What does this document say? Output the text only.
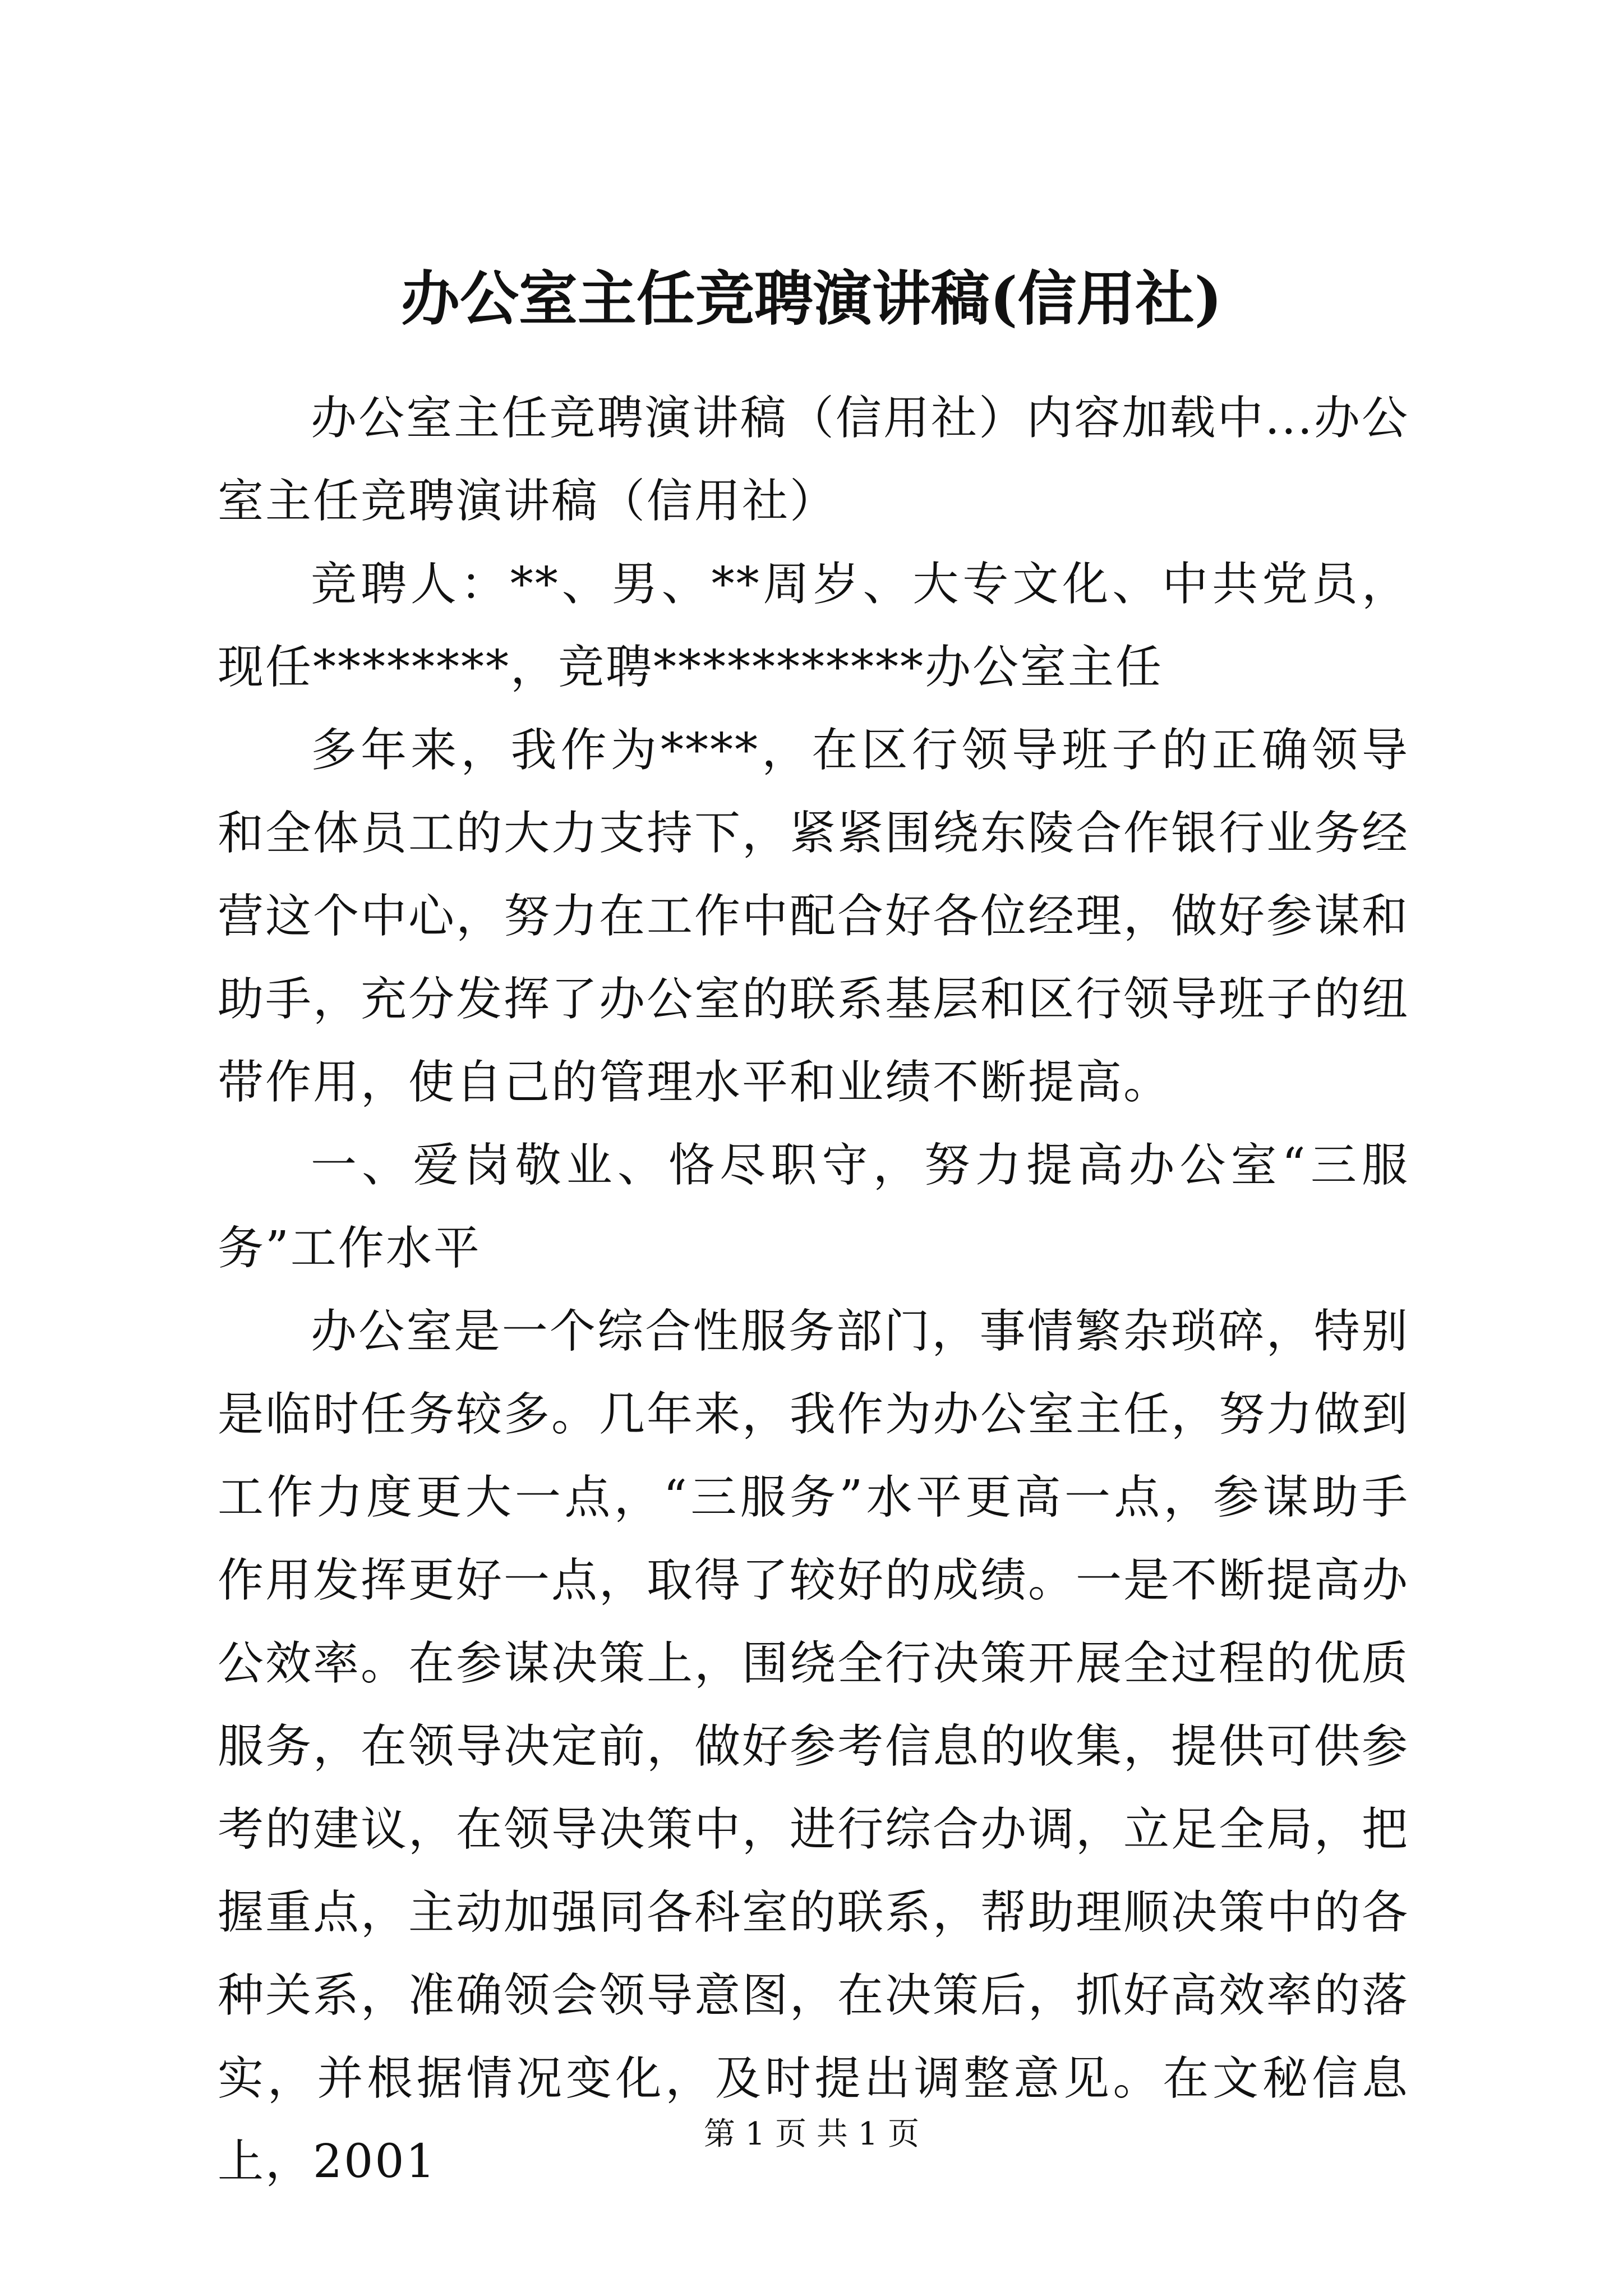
办公室主任竞聘演讲稿(信用社)

办公室主任竞聘演讲稿（信用社）内容加载中...办公室主任竞聘演讲稿（信用社）

竞聘人：**、男、**周岁、大专文化、中共党员，现任********，竞聘***********办公室主任

多年来，我作为****，在区行领导班子的正确领导和全体员工的大力支持下，紧紧围绕东陵合作银行业务经营这个中心，努力在工作中配合好各位经理，做好参谋和助手，充分发挥了办公室的联系基层和区行领导班子的纽带作用，使自己的管理水平和业绩不断提高。

一、爱岗敬业、恪尽职守，努力提高办公室“三服务”工作水平

办公室是一个综合性服务部门，事情繁杂琐碎，特别是临时任务较多。几年来，我作为办公室主任，努力做到工作力度更大一点，“三服务”水平更高一点，参谋助手作用发挥更好一点，取得了较好的成绩。一是不断提高办公效率。在参谋决策上，围绕全行决策开展全过程的优质服务，在领导决定前，做好参考信息的收集，提供可供参考的建议，在领导决策中，进行综合办调，立足全局，把握重点，主动加强同各科室的联系，帮助理顺决策中的各种关系，准确领会领导意图，在决策后，抓好高效率的落实，并根据情况变化，及时提出调整意见。在文秘信息上，2001

第 1 页 共 1 页
